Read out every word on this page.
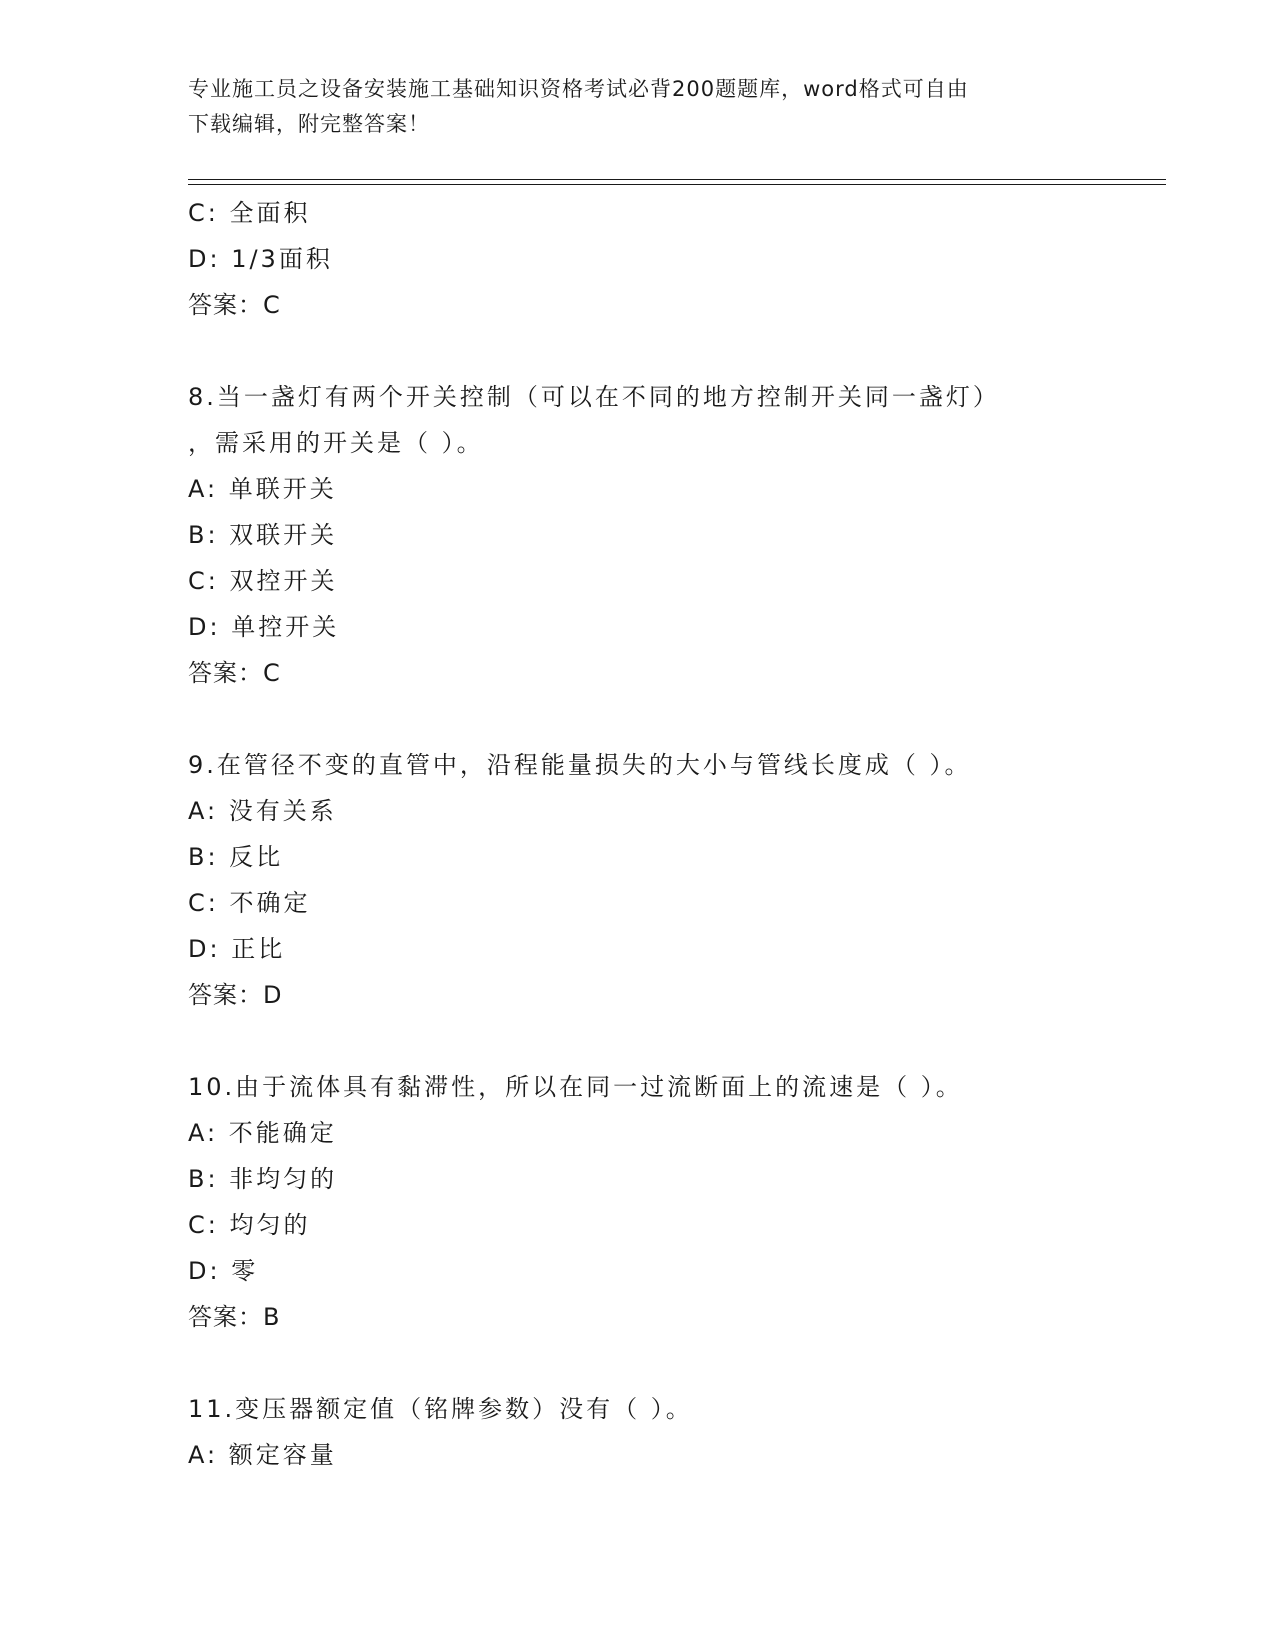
专业施工员之设备安装施工基础知识资格考试必背200题题库，word格式可自由
下载编辑，附完整答案！
C: 全面积
D: 1/3面积
答案：C
8.当一盏灯有两个开关控制（可以在不同的地方控制开关同一盏灯）
，需采用的开关是（ ）。
A: 单联开关
B: 双联开关
C: 双控开关
D: 单控开关
答案：C
9.在管径不变的直管中，沿程能量损失的大小与管线长度成（ ）。
A: 没有关系
B: 反比
C: 不确定
D: 正比
答案：D
10.由于流体具有黏滞性，所以在同一过流断面上的流速是（ ）。
A: 不能确定
B: 非均匀的
C: 均匀的
D: 零
答案：B
11.变压器额定值（铭牌参数）没有（ ）。
A: 额定容量
